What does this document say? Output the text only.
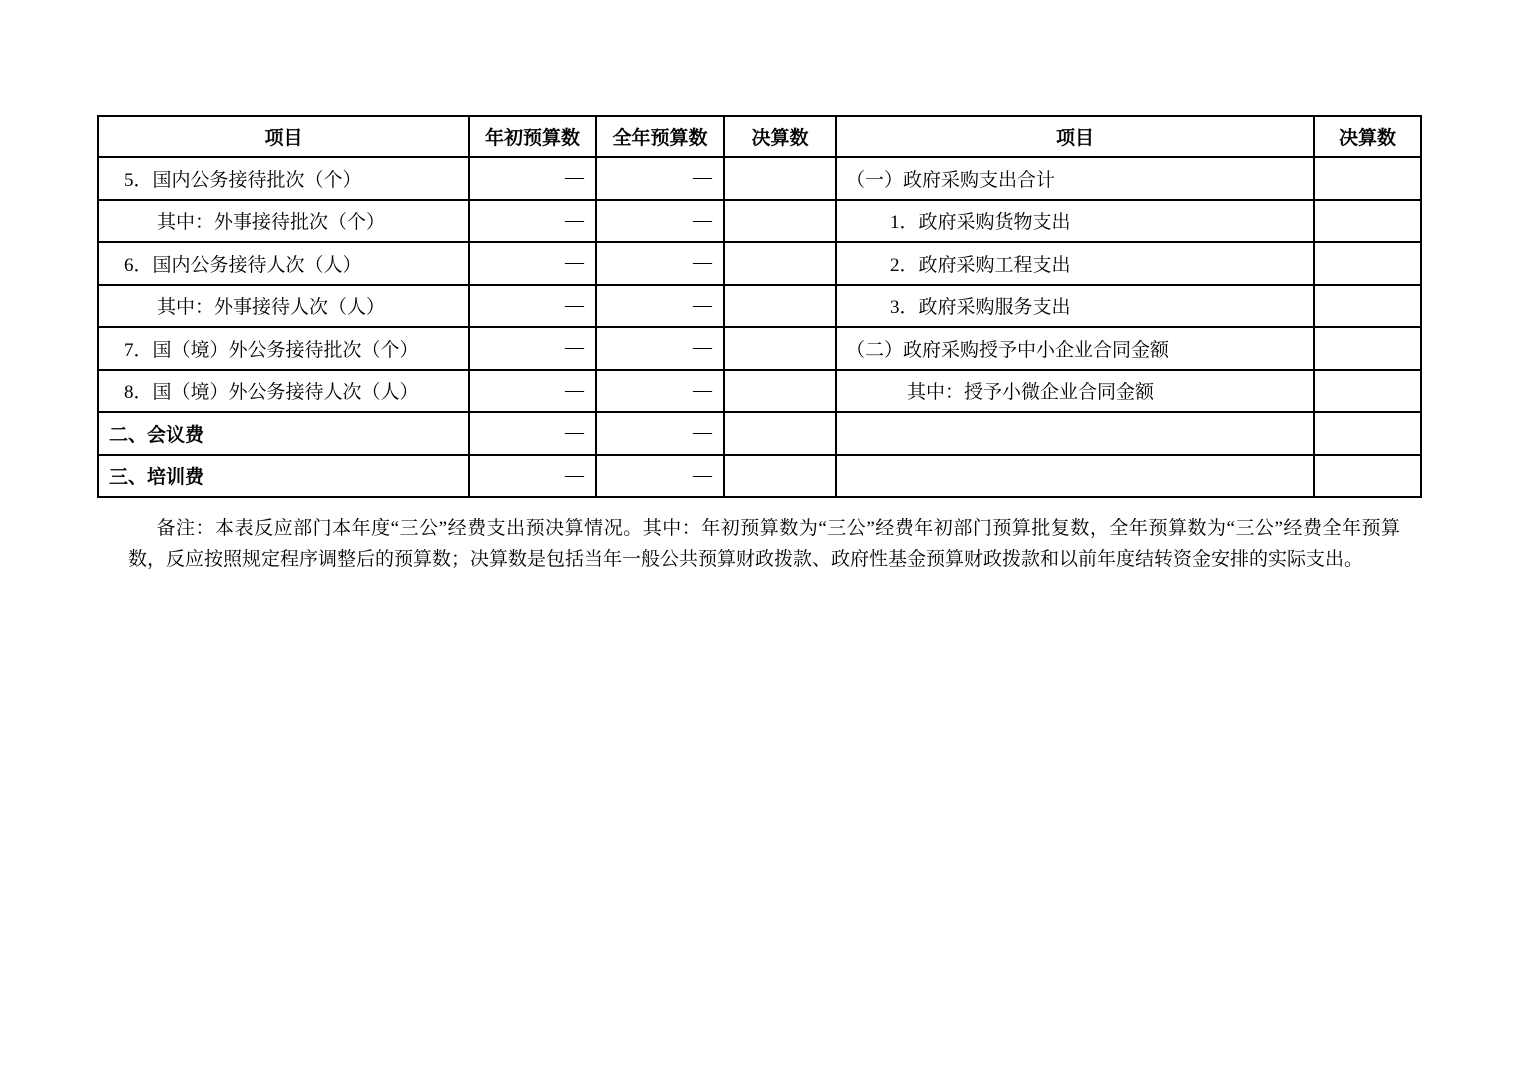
项目	年初预算数	全年预算数	决算数	项目	决算数
5．国内公务接待批次（个）	—	—		（一）政府采购支出合计	
其中：外事接待批次（个）	—	—		1．政府采购货物支出	
6．国内公务接待人次（人）	—	—		2．政府采购工程支出	
其中：外事接待人次（人）	—	—		3．政府采购服务支出	
7．国（境）外公务接待批次（个）	—	—		（二）政府采购授予中小企业合同金额	
8．国（境）外公务接待人次（人）	—	—		其中：授予小微企业合同金额	
二、会议费	—	—			
三、培训费	—	—			

备注：本表反应部门本年度“三公”经费支出预决算情况。其中：年初预算数为“三公”经费年初部门预算批复数，全年预算数为“三公”经费全年预算数，反应按照规定程序调整后的预算数；决算数是包括当年一般公共预算财政拨款、政府性基金预算财政拨款和以前年度结转资金安排的实际支出。
